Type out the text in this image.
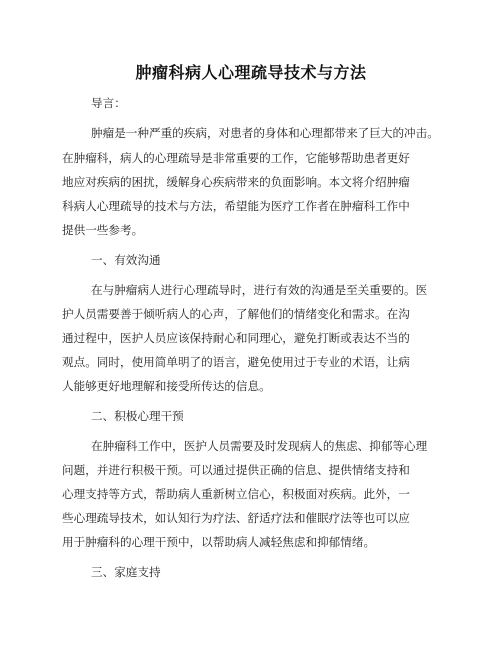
肿瘤科病人心理疏导技术与方法
导言：
肿瘤是一种严重的疾病，对患者的身体和心理都带来了巨大的冲击。
在肿瘤科，病人的心理疏导是非常重要的工作，它能够帮助患者更好
地应对疾病的困扰，缓解身心疾病带来的负面影响。本文将介绍肿瘤
科病人心理疏导的技术与方法，希望能为医疗工作者在肿瘤科工作中
提供一些参考。
一、有效沟通
在与肿瘤病人进行心理疏导时，进行有效的沟通是至关重要的。医
护人员需要善于倾听病人的心声，了解他们的情绪变化和需求。在沟
通过程中，医护人员应该保持耐心和同理心，避免打断或表达不当的
观点。同时，使用简单明了的语言，避免使用过于专业的术语，让病
人能够更好地理解和接受所传达的信息。
二、积极心理干预
在肿瘤科工作中，医护人员需要及时发现病人的焦虑、抑郁等心理
问题，并进行积极干预。可以通过提供正确的信息、提供情绪支持和
心理支持等方式，帮助病人重新树立信心，积极面对疾病。此外，一
些心理疏导技术，如认知行为疗法、舒适疗法和催眠疗法等也可以应
用于肿瘤科的心理干预中，以帮助病人减轻焦虑和抑郁情绪。
三、家庭支持
